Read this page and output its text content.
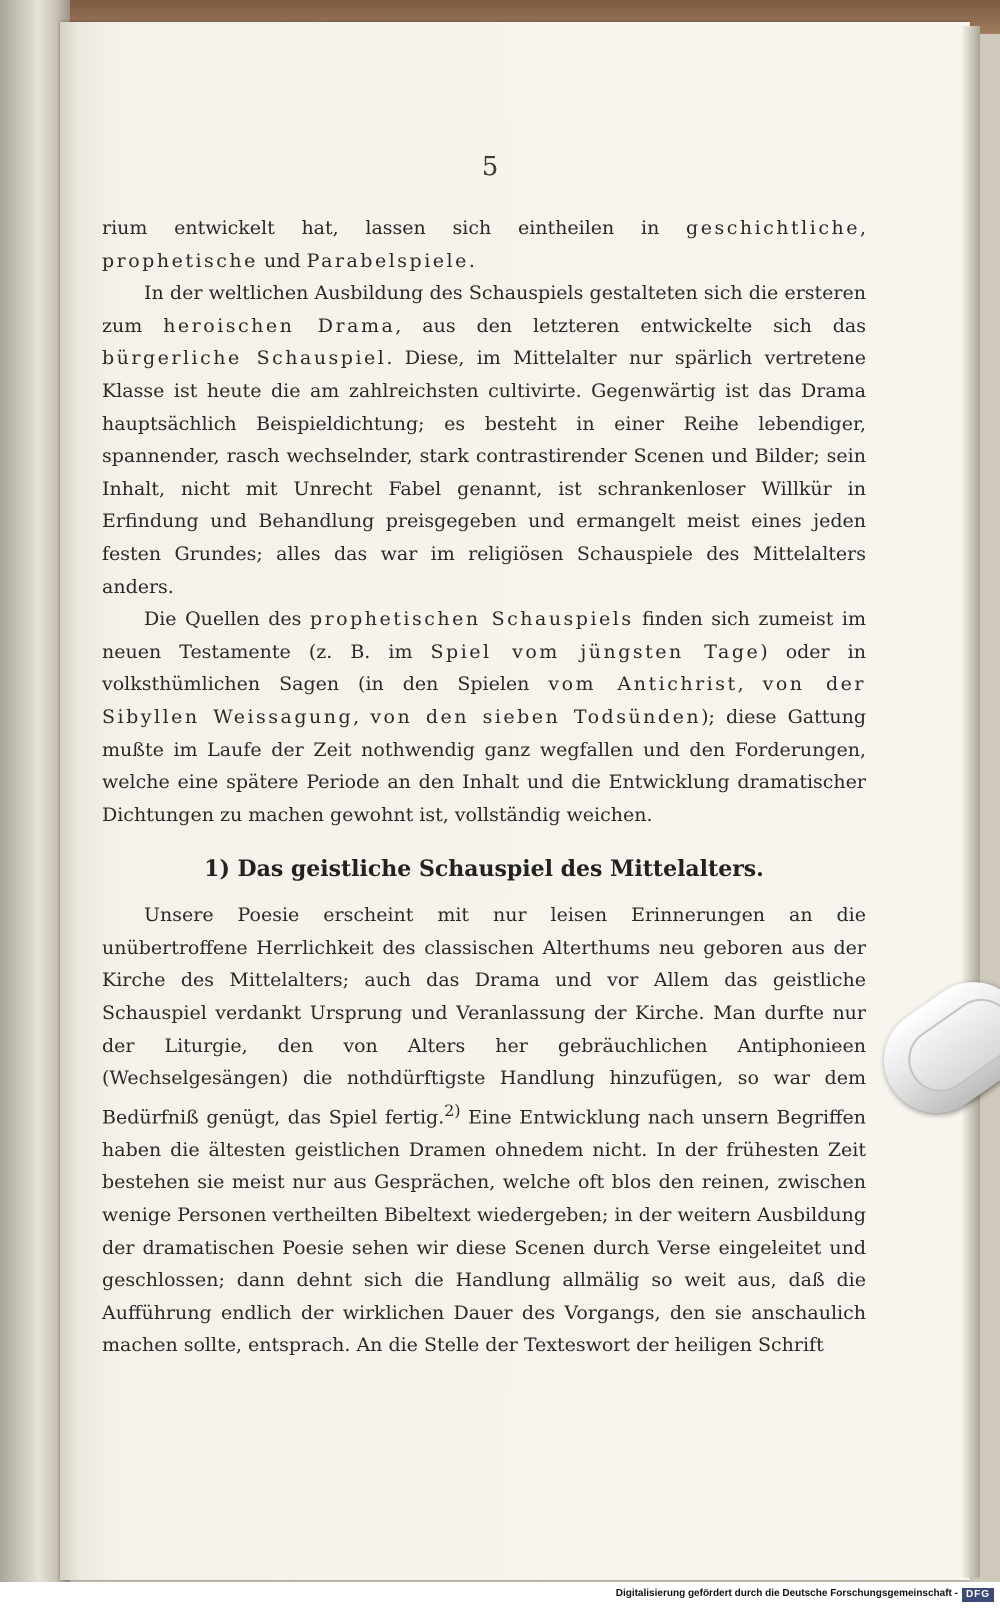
5

rium entwickelt hat, lassen sich eintheilen in geschichtliche, prophetische und Parabelspiele.

In der weltlichen Ausbildung des Schauspiels gestalteten sich die ersteren zum heroischen Drama, aus den letzteren entwickelte sich das bürgerliche Schauspiel. Diese, im Mittelalter nur spärlich vertretene Klasse ist heute die am zahlreichsten cultivirte. Gegenwärtig ist das Drama hauptsächlich Beispieldichtung; es besteht in einer Reihe lebendiger, spannender, rasch wechselnder, stark contrastirender Scenen und Bilder; sein Inhalt, nicht mit Unrecht Fabel genannt, ist schrankenloser Willkür in Erfindung und Behandlung preisgegeben und ermangelt meist eines jeden festen Grundes; alles das war im religiösen Schauspiele des Mittelalters anders.

Die Quellen des prophetischen Schauspiels finden sich zumeist im neuen Testamente (z. B. im Spiel vom jüngsten Tage) oder in volksthümlichen Sagen (in den Spielen vom Antichrist, von der Sibyllen Weissagung, von den sieben Todsünden); diese Gattung mußte im Laufe der Zeit nothwendig ganz wegfallen und den Forderungen, welche eine spätere Periode an den Inhalt und die Entwicklung dramatischer Dichtungen zu machen gewohnt ist, vollständig weichen.

1) Das geistliche Schauspiel des Mittelalters.

Unsere Poesie erscheint mit nur leisen Erinnerungen an die unübertroffene Herrlichkeit des classischen Alterthums neu geboren aus der Kirche des Mittelalters; auch das Drama und vor Allem das geistliche Schauspiel verdankt Ursprung und Veranlassung der Kirche. Man durfte nur der Liturgie, den von Alters her gebräuchlichen Antiphonieen (Wechselgesängen) die nothdürftigste Handlung hinzufügen, so war dem Bedürfniß genügt, das Spiel fertig.$^{2)}$ Eine Entwicklung nach unsern Begriffen haben die ältesten geistlichen Dramen ohnedem nicht. In der frühesten Zeit bestehen sie meist nur aus Gesprächen, welche oft blos den reinen, zwischen wenige Personen vertheilten Bibeltext wiedergeben; in der weitern Ausbildung der dramatischen Poesie sehen wir diese Scenen durch Verse eingeleitet und geschlossen; dann dehnt sich die Handlung allmälig so weit aus, daß die Aufführung endlich der wirklichen Dauer des Vorgangs, den sie anschaulich machen sollte, entsprach. An die Stelle der Texteswort der heiligen Schrift

Digitalisierung gefördert durch die Deutsche Forschungsgemeinschaft - DFG
